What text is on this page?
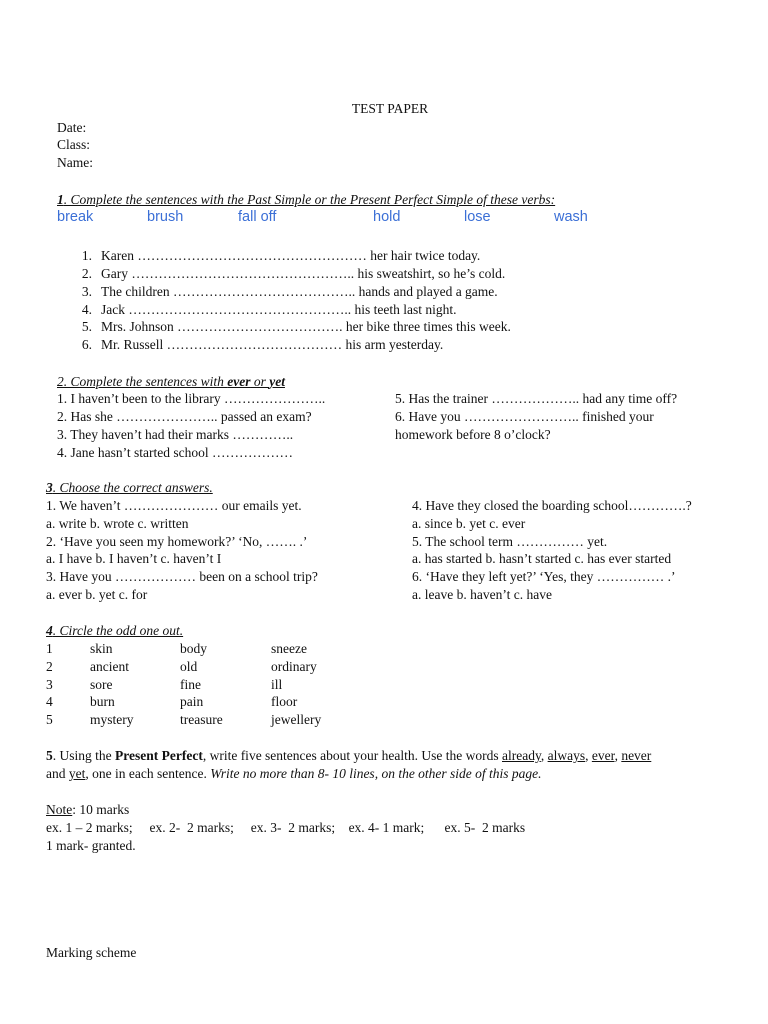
TEST PAPER
Date:
Class:
Name:
1. Complete the sentences with the Past Simple or the Present Perfect Simple of these verbs:
break	brush	fall off	hold	lose	wash
1. Karen …………………………………………… her hair twice today.
2. Gary ………………………………………….. his sweatshirt, so he’s cold.
3. The children ………………………………….. hands and played a game.
4. Jack ………………………………………….. his teeth last night.
5. Mrs. Johnson ………………………………. her bike three times this week.
6. Mr. Russell ………………………………… his arm yesterday.
2. Complete the sentences with ever or yet
1. I haven’t been to the library …………………..
2. Has she ………………….. passed an exam?
3. They haven’t had their marks …………..
4. Jane hasn’t started school ………………
5. Has the trainer ……………….. had any time off?
6. Have you …………………….. finished your
homework before 8 o’clock?
3. Choose the correct answers.
1. We haven’t ………………… our emails yet.
a. write b. wrote c. written
2. ‘Have you seen my homework?’ ‘No, ……. .’
a. I have b. I haven’t c. haven’t I
3. Have you ……………… been on a school trip?
a. ever b. yet c. for
4. Have they closed the boarding school………….?
a. since b. yet c. ever
5. The school term …………… yet.
a. has started b. hasn’t started c. has ever started
6. ‘Have they left yet?’ ‘Yes, they …………… .’
a. leave b. haven’t c. have
4. Circle the odd one out.
1	skin	body	sneeze
2	ancient	old	ordinary
3	sore	fine	ill
4	burn	pain	floor
5	mystery	treasure	jewellery
5. Using the Present Perfect, write five sentences about your health. Use the words already, always, ever, never
and yet, one in each sentence. Write no more than 8- 10 lines, on the other side of this page.
Note: 10 marks
ex. 1 – 2 marks;     ex. 2-  2 marks;     ex. 3-  2 marks;    ex. 4- 1 mark;      ex. 5-  2 marks
1 mark- granted.
Marking scheme
